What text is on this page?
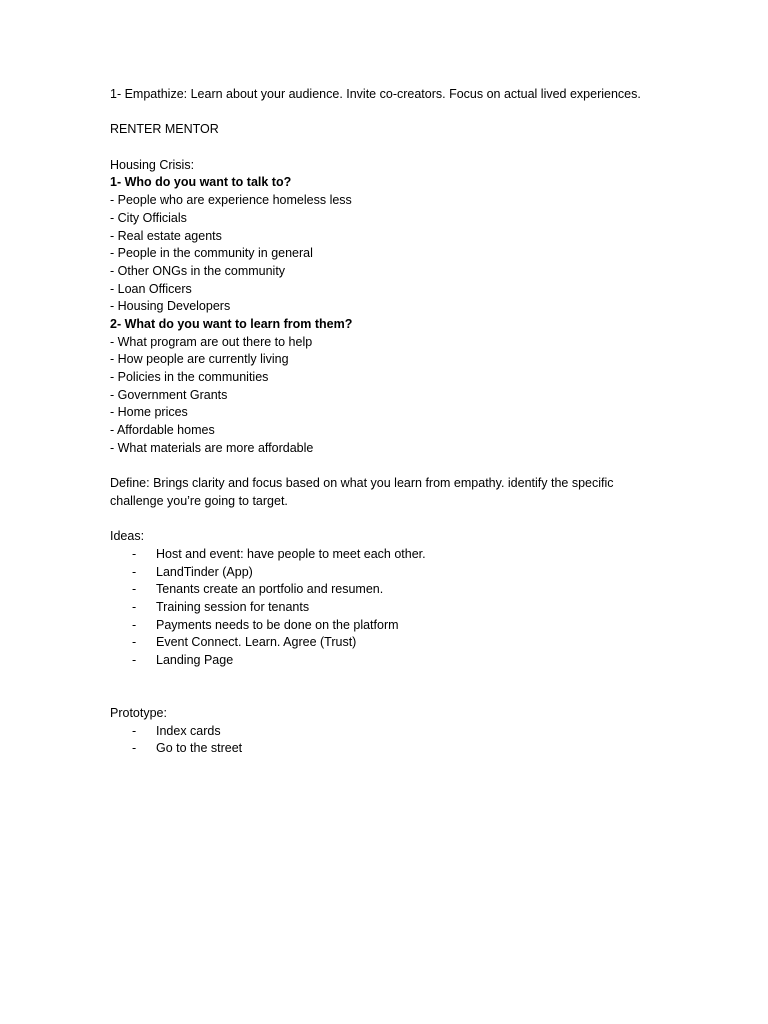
1- Empathize: Learn about your audience. Invite co-creators. Focus on actual lived experiences.
RENTER MENTOR
Housing Crisis:
1- Who do you want to talk to?
- People who are experience homeless less
- City Officials
- Real estate agents
- People in the community in general
- Other ONGs in the community
- Loan Officers
- Housing Developers
2- What do you want to learn from them?
- What program are out there to help
- How people are currently living
- Policies in the communities
- Government Grants
- Home prices
- Affordable homes
- What materials are more affordable
Define: Brings clarity and focus based on what you learn from empathy. identify the specific challenge you’re going to target.
Ideas:
- Host and event: have people to meet each other.
- LandTinder (App)
- Tenants create an portfolio and resumen.
- Training session for tenants
- Payments needs to be done on the platform
- Event Connect. Learn. Agree (Trust)
- Landing Page
Prototype:
- Index cards
- Go to the street
